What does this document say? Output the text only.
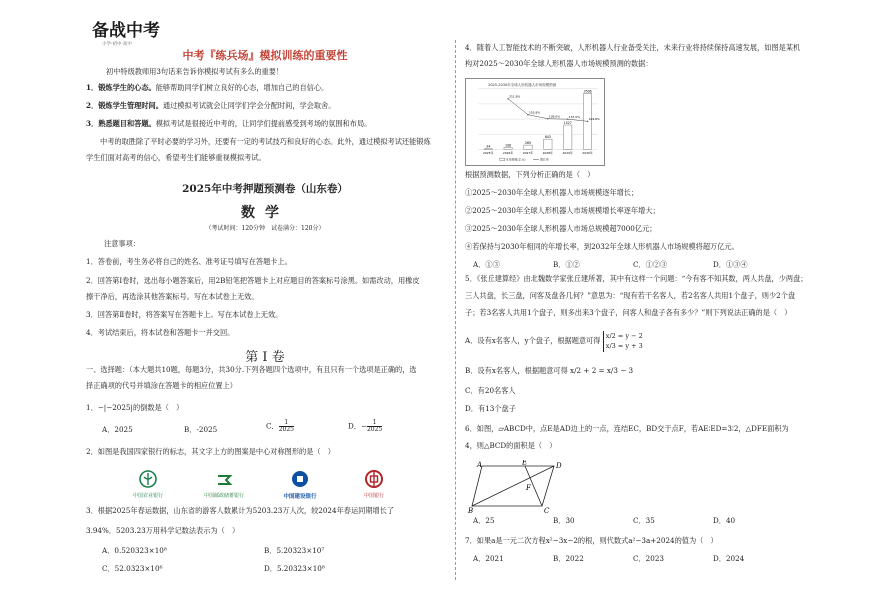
备战中考
小学·初中·高中
中考『练兵场』模拟训练的重要性
初中特级教师用3句话来告诉你模拟考试有多么的重要！
1．锻炼学生的心态。能够帮助同学们树立良好的心态，增加自己的自信心。
2．锻炼学生管理时间。通过模拟考试就会让同学们学会分配时间，学会取舍。
3．熟悉题目和答题。模拟考试是很接近中考的，让同学们提前感受到考场的氛围和布局。
中考的取胜除了平时必要的学习外，还要有一定的考试技巧和良好的心态。此外，通过模拟考试还能锻炼
学生们面对高考的信心，希望考生们能够重视模拟考试。
2025年中考押题预测卷（山东卷）
数学
（考试时间：120分钟　试卷满分：120分）
注意事项：
1．答卷前，考生务必将自己的姓名、准考证号填写在答题卡上。
2．回答第Ⅰ卷时，选出每小题答案后，用2B铅笔把答题卡上对应题目的答案标号涂黑。如需改动，用橡皮
擦干净后，再选涂其他答案标号。写在本试卷上无效。
3．回答第Ⅱ卷时，将答案写在答题卡上。写在本试卷上无效。
4．考试结束后，将本试卷和答题卡一并交回。
第 Ⅰ 卷
一、选择题：（本大题共10题，每题3分，共30分.下列各题四个选项中，有且只有一个选项是正确的，选
择正确项的代号并填涂在答题卡的相应位置上）
1．−|−2025|的倒数是（　）
A．2025	B．-2025	C． $\frac{1}{2025}$	D．− $\frac{1}{2025}$
2．如图是我国四家银行的标志，其文字上方的图案是中心对称图形的是（　）
中国农业银行	中国邮政储蓄银行	中国建设银行	中国银行
3．根据2025年春运数据，山东省的游客人数累计为5203.23万人次，较2024年春运同期增长了
3.94%．5203.23万用科学记数法表示为（　）
A．0.520323×10⁸	B．5.20323×10⁷
C．52.0323×10⁶	D．5.20323×10⁸
4．随着人工智能技术的不断突破，人形机器人行业备受关注，未来行业将持续保持高速发展，如图是某机
构对2025～2030年全球人形机器人市场规模预测的数据：
2025-2030年全球人形机器人市场规模预测
34	106
269
643
1527
3506
211.8%
153.8%
139.0%	137.5%
129.6%
2025年	2026年	2027年	2028年	2029年	2030年
市场规模(亿元)	增长率
根据预测数据，下列分析正确的是（　）
①2025～2030年全球人形机器人市场规模逐年增长；
②2025～2030年全球人形机器人市场规模增长率逐年增大；
③2025～2030年全球人形机器人市场总规模超7000亿元；
④若保持与2030年相同的年增长率，到2032年全球人形机器人市场规模将超万亿元。
A．①③	B．①②	C．①②③	D．①③④
5．《张丘建算经》由北魏数学家张丘建所著，其中有这样一个问题：“今有客不知其数，两人共盘，少两盘；
三人共盘，长三盘，问客及盘各几何？”意思为：“现有若干名客人，若2名客人共用1个盘子，则少2个盘
子；若3名客人共用1个盘子，则多出来3个盘子，问客人和盘子各有多少？”则下列说法正确的是（　）
A．设有x名客人，y个盘子，根据题意可得
x/2 = y − 2
x/3 = y + 3
B．设有x名客人，根据题意可得 x/2 + 2 = x/3 − 3
C．有20名客人
D．有13个盘子
6．如图，▱ABCD中，点E是AD边上的一点，连结EC，BD交于点F，若AE∶ED=3∶2，△DFE面积为
4，则△BCD的面积是（　）
A	E	D
F
B	C
A．25	B．30	C．35	D．40
7．如果a是一元二次方程x²−3x−2的根，则代数式a²−3a+2024的值为（　）
A．2021	B．2022	C．2023	D．2024
